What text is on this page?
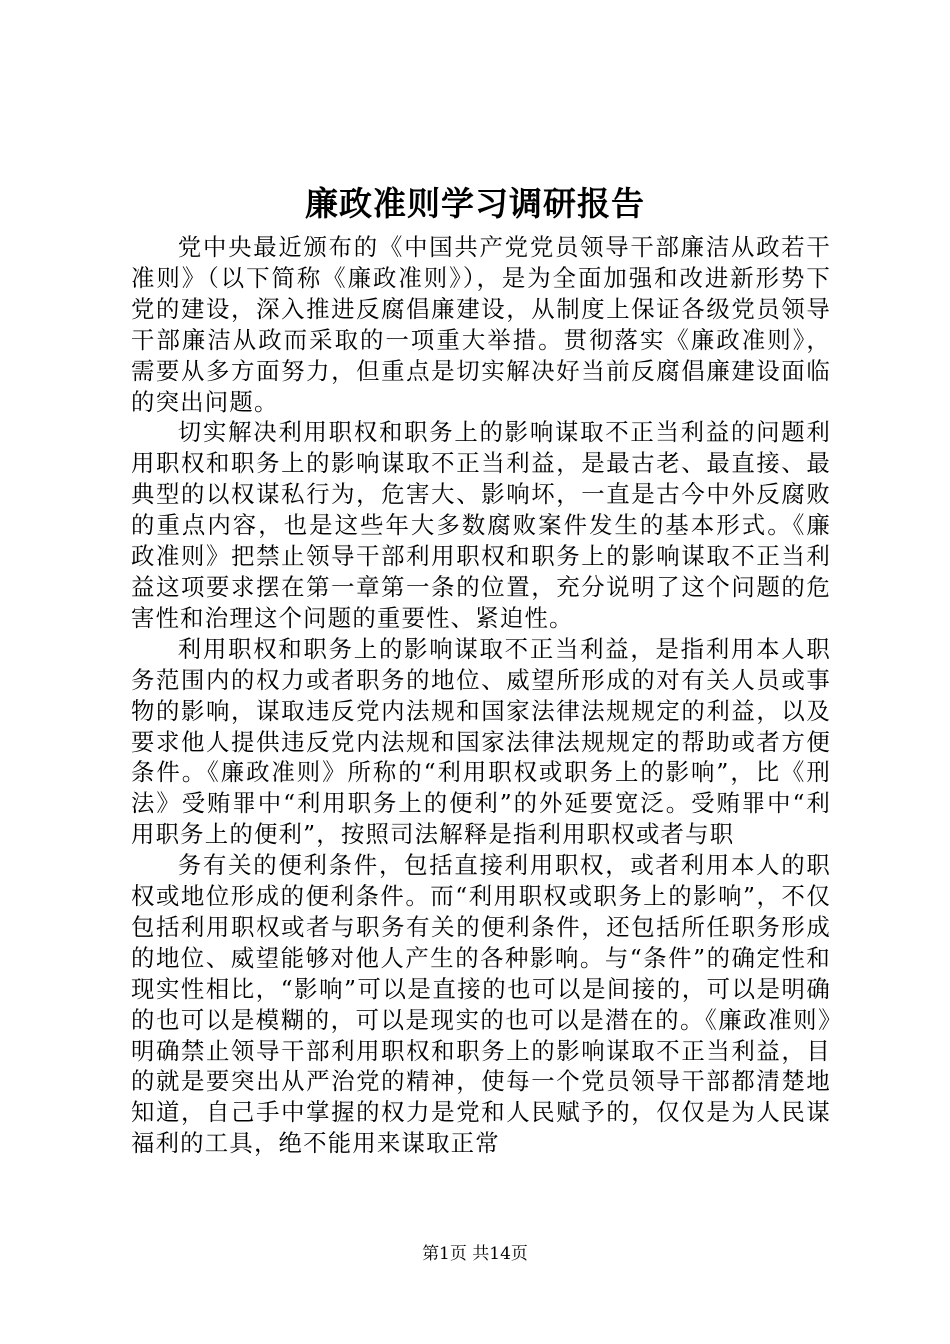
廉政准则学习调研报告

党中央最近颁布的《中国共产党党员领导干部廉洁从政若干准则》（以下简称《廉政准则》），是为全面加强和改进新形势下党的建设，深入推进反腐倡廉建设，从制度上保证各级党员领导干部廉洁从政而采取的一项重大举措。贯彻落实《廉政准则》，需要从多方面努力，但重点是切实解决好当前反腐倡廉建设面临的突出问题。

切实解决利用职权和职务上的影响谋取不正当利益的问题利用职权和职务上的影响谋取不正当利益，是最古老、最直接、最典型的以权谋私行为，危害大、影响坏，一直是古今中外反腐败的重点内容，也是这些年大多数腐败案件发生的基本形式。《廉政准则》把禁止领导干部利用职权和职务上的影响谋取不正当利益这项要求摆在第一章第一条的位置，充分说明了这个问题的危害性和治理这个问题的重要性、紧迫性。

利用职权和职务上的影响谋取不正当利益，是指利用本人职务范围内的权力或者职务的地位、威望所形成的对有关人员或事物的影响，谋取违反党内法规和国家法律法规规定的利益，以及要求他人提供违反党内法规和国家法律法规规定的帮助或者方便条件。《廉政准则》所称的“利用职权或职务上的影响”，比《刑法》受贿罪中“利用职务上的便利”的外延要宽泛。受贿罪中“利用职务上的便利”，按照司法解释是指利用职权或者与职

务有关的便利条件，包括直接利用职权，或者利用本人的职权或地位形成的便利条件。而“利用职权或职务上的影响”，不仅包括利用职权或者与职务有关的便利条件，还包括所任职务形成的地位、威望能够对他人产生的各种影响。与“条件”的确定性和现实性相比，“影响”可以是直接的也可以是间接的，可以是明确的也可以是模糊的，可以是现实的也可以是潜在的。《廉政准则》明确禁止领导干部利用职权和职务上的影响谋取不正当利益，目的就是要突出从严治党的精神，使每一个党员领导干部都清楚地知道，自己手中掌握的权力是党和人民赋予的，仅仅是为人民谋福利的工具，绝不能用来谋取正常

第1页 共14页
